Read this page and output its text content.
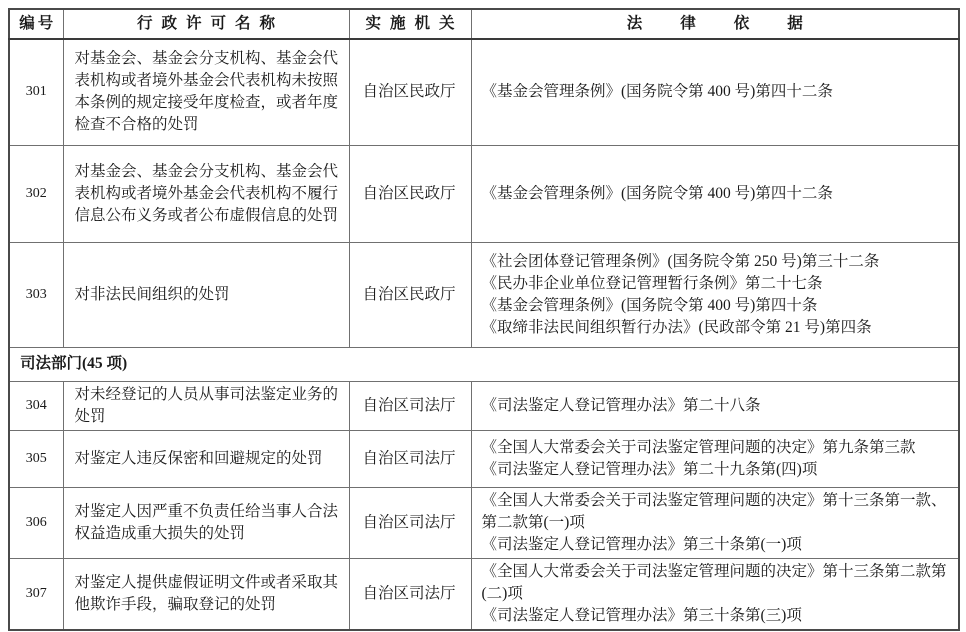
编号	行政许可名称	实施机关	法律依据
301	对基金会、基金会分支机构、基金会代表机构或者境外基金会代表机构未按照本条例的规定接受年度检查，或者年度检查不合格的处罚	自治区民政厅	《基金会管理条例》(国务院令第 400 号)第四十二条

302	对基金会、基金会分支机构、基金会代表机构或者境外基金会代表机构不履行信息公布义务或者公布虚假信息的处罚	自治区民政厅	《基金会管理条例》(国务院令第 400 号)第四十二条

303	对非法民间组织的处罚	自治区民政厅	《社会团体登记管理条例》(国务院令第 250 号)第三十二条
《民办非企业单位登记管理暂行条例》第二十七条
《基金会管理条例》(国务院令第 400 号)第四十条
《取缔非法民间组织暂行办法》(民政部令第 21 号)第四条

司法部门(45 项)			
304	对未经登记的人员从事司法鉴定业务的处罚	自治区司法厅	《司法鉴定人登记管理办法》第二十八条

305	对鉴定人违反保密和回避规定的处罚	自治区司法厅	《全国人大常委会关于司法鉴定管理问题的决定》第九条第三款
《司法鉴定人登记管理办法》第二十九条第(四)项

306	对鉴定人因严重不负责任给当事人合法权益造成重大损失的处罚	自治区司法厅	《全国人大常委会关于司法鉴定管理问题的决定》第十三条第一款、第二款第(一)项
《司法鉴定人登记管理办法》第三十条第(一)项

307	对鉴定人提供虚假证明文件或者采取其他欺诈手段，骗取登记的处罚	自治区司法厅	《全国人大常委会关于司法鉴定管理问题的决定》第十三条第二款第(二)项
《司法鉴定人登记管理办法》第三十条第(三)项
